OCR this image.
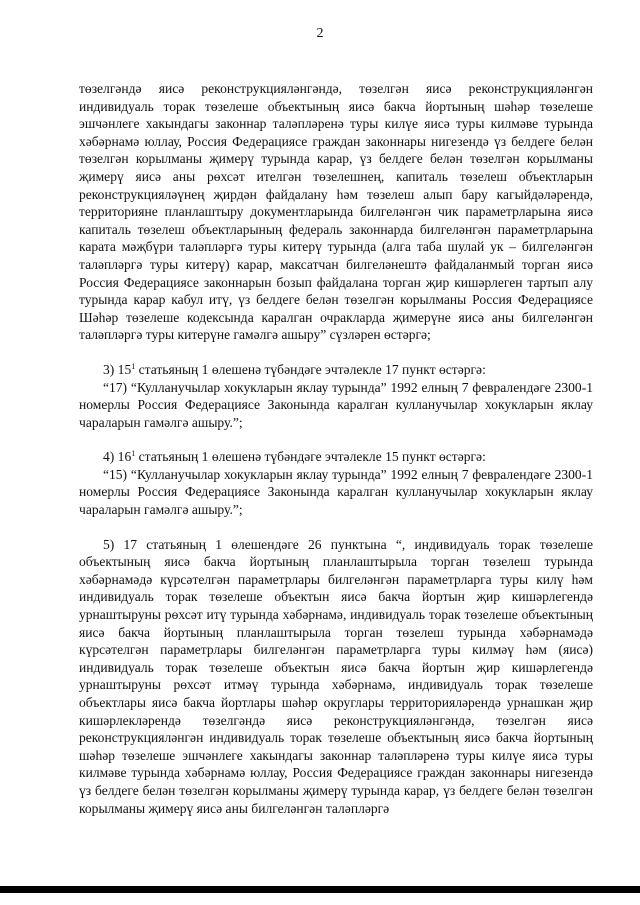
2

төзелгәндә яисә реконструкцияләнгәндә, төзелгән яисә реконструкцияләнгән индивидуаль торак төзелеше объектының яисә бакча йортының шәһәр төзелеше эшчәнлеге хакындагы законнар таләпләренә туры килүе яисә туры килмәве турында хәбәрнамә юллау, Россия Федерациясе граждан законнары нигезендә үз белдеге белән төзелгән корылманы җимерү турында карар, үз белдеге белән төзелгән корылманы җимерү яисә аны рөхсәт ителгән төзелешнең, капиталь төзелеш объектларын реконструкцияләүнең җирдән файдалану һәм төзелеш алып бару кагыйдәләрендә, территорияне планлаштыру документларында билгеләнгән чик параметрларына яисә капиталь төзелеш объектларының федераль законнарда билгеләнгән параметрларына карата мәҗбүри таләпләргә туры китерү турында (алга таба шулай ук – билгеләнгән таләпләргә туры китерү) карар, максатчан билгеләнештә файдаланмый торган яисә Россия Федерациясе законнарын бозып файдалана торган җир кишәрлеген тартып алу турында карар кабул итү, үз белдеге белән төзелгән корылманы Россия Федерациясе Шәһәр төзелеше кодексында каралган очракларда җимерүне яисә аны билгеләнгән таләпләргә туры китерүне гамәлгә ашыру” сүзләрен өстәргә;

3) $15^1$ статьяның 1 өлешенә түбәндәге эчтәлекле 17 пункт өстәргә:

“17) “Кулланучылар хокукларын яклау турында” 1992 елның 7 февралендәге 2300-1 номерлы Россия Федерациясе Законында каралган кулланучылар хокукларын яклау чараларын гамәлгә ашыру.”;

4) $16^1$ статьяның 1 өлешенә түбәндәге эчтәлекле 15 пункт өстәргә:

“15) “Кулланучылар хокукларын яклау турында” 1992 елның 7 февралендәге 2300-1 номерлы Россия Федерациясе Законында каралган кулланучылар хокукларын яклау чараларын гамәлгә ашыру.”;

5) 17 статьяның 1 өлешендәге 26 пунктына “, индивидуаль торак төзелеше объектының яисә бакча йортының планлаштырыла торган төзелеш турында хәбәрнамәдә күрсәтелгән параметрлары билгеләнгән параметрларга туры килү һәм индивидуаль торак төзелеше объектын яисә бакча йортын җир кишәрлегендә урнаштыруны рөхсәт итү турында хәбәрнамә, индивидуаль торак төзелеше объектының яисә бакча йортының планлаштырыла торган төзелеш турында хәбәрнамәдә күрсәтелгән параметрлары билгеләнгән параметрларга туры килмәү һәм (яисә) индивидуаль торак төзелеше объектын яисә бакча йортын җир кишәрлегендә урнаштыруны рөхсәт итмәү турында хәбәрнамә, индивидуаль торак төзелеше объектлары яисә бакча йортлары шәһәр округлары территорияләрендә урнашкан җир кишәрлекләрендә төзелгәндә яисә реконструкцияләнгәндә, төзелгән яисә реконструкцияләнгән индивидуаль торак төзелеше объектының яисә бакча йортының шәһәр төзелеше эшчәнлеге хакындагы законнар таләпләренә туры килүе яисә туры килмәве турында хәбәрнамә юллау, Россия Федерациясе граждан законнары нигезендә үз белдеге белән төзелгән корылманы җимерү турында карар, үз белдеге белән төзелгән корылманы җимерү яисә аны билгеләнгән таләпләргә
